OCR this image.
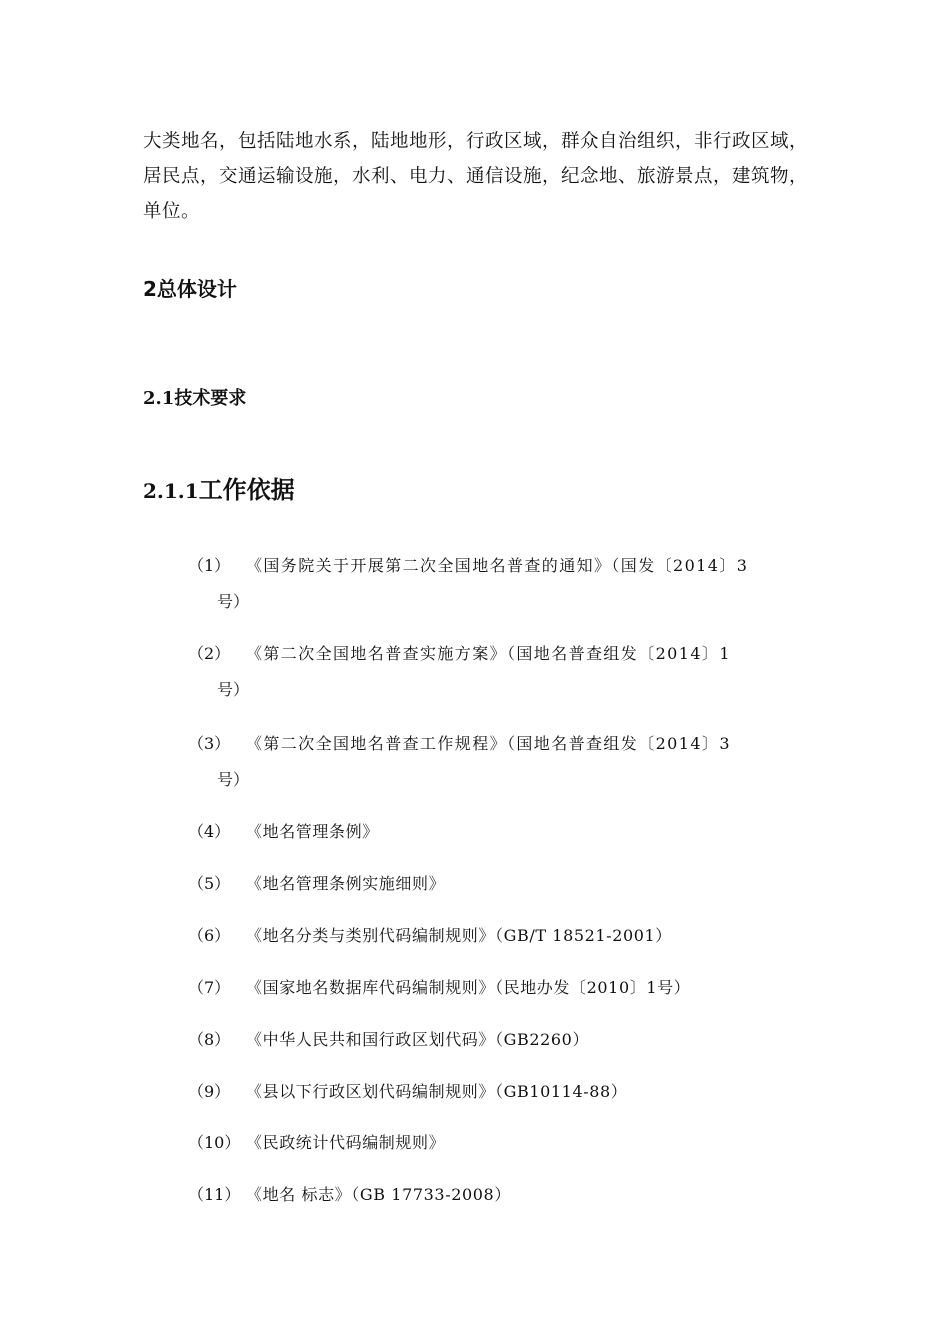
大类地名，包括陆地水系，陆地地形，行政区域，群众自治组织，非行政区域，

居民点，交通运输设施，水利、电力、通信设施，纪念地、旅游景点，建筑物，

单位。

2总体设计
2.1技术要求
2.1.1工作依据

（1） 《国务院关于开展第二次全国地名普查的通知》（国发〔2014〕3
号）

（2） 《第二次全国地名普查实施方案》（国地名普查组发〔2014〕1
号）

（3） 《第二次全国地名普查工作规程》（国地名普查组发〔2014〕3
号）

（4） 《地名管理条例》

（5） 《地名管理条例实施细则》

（6） 《地名分类与类别代码编制规则》（GB/T 18521-2001）

（7） 《国家地名数据库代码编制规则》（民地办发〔2010〕1号）

（8） 《中华人民共和国行政区划代码》（GB2260）

（9） 《县以下行政区划代码编制规则》（GB10114-88）

（10） 《民政统计代码编制规则》

（11） 《地名 标志》（GB 17733-2008）
